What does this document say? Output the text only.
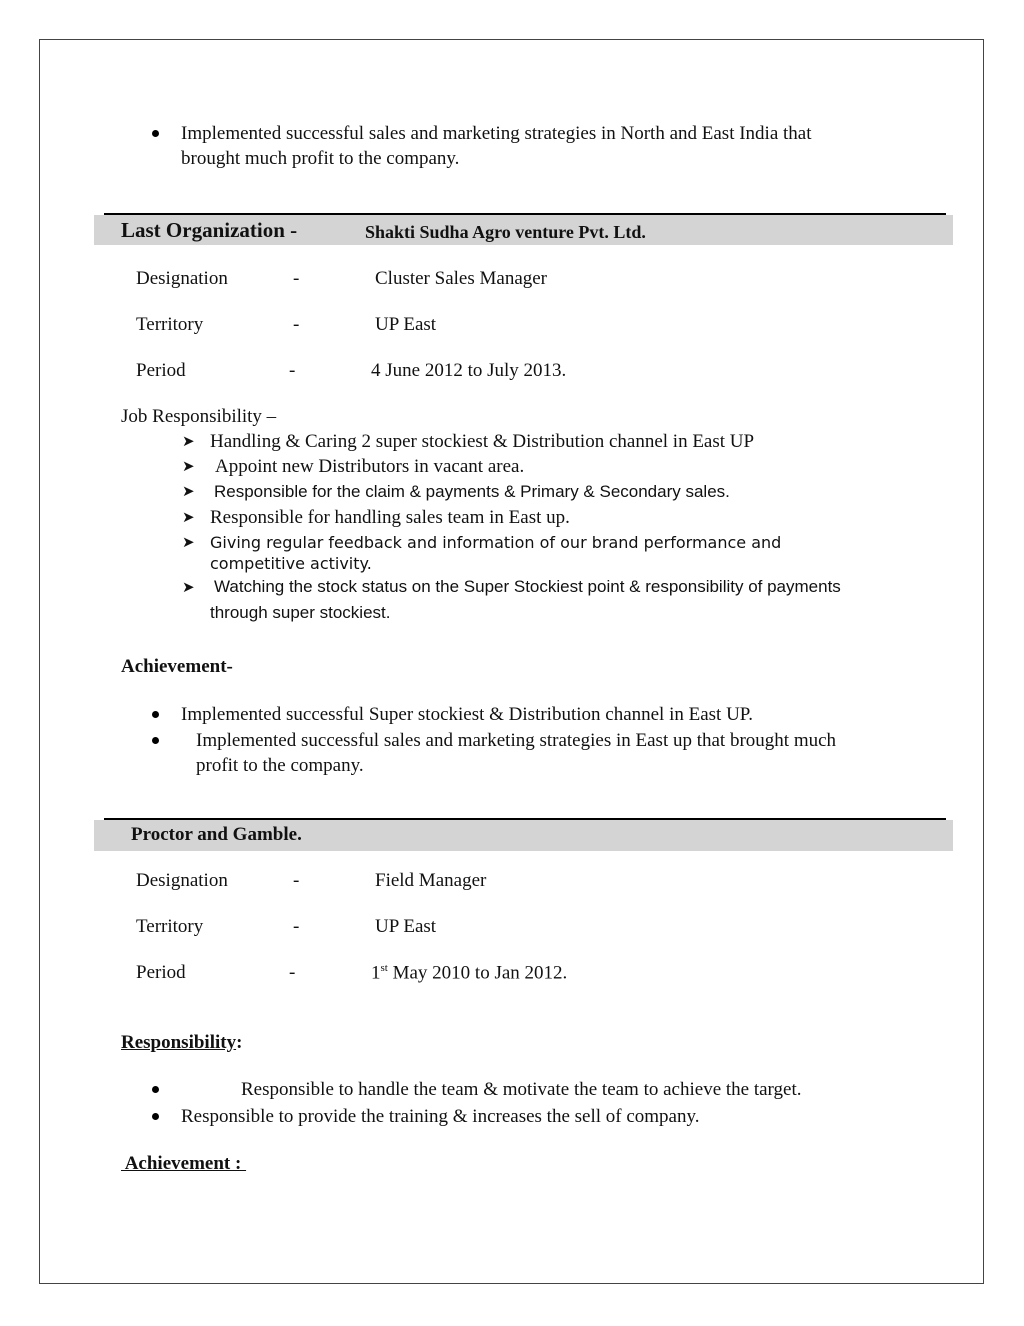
Implemented successful sales and marketing strategies in North and East India that
brought much profit to the company.
Last Organization -	Shakti Sudha Agro venture Pvt. Ltd.
Designation	-	Cluster Sales Manager
Territory	-	UP East
Period	-	4 June 2012 to July 2013.
Job Responsibility –
➤ Handling & Caring 2 super stockiest & Distribution channel in East UP
➤ Appoint new Distributors in vacant area.
➤ Responsible for the claim & payments & Primary & Secondary sales.
➤ Responsible for handling sales team in East up.
➤ Giving regular feedback and information of our brand performance and
competitive activity.
➤ Watching the stock status on the Super Stockiest point & responsibility of payments
through super stockiest.
Achievement-
Implemented successful Super stockiest & Distribution channel in East UP.
Implemented successful sales and marketing strategies in East up that brought much
profit to the company.
Proctor and Gamble.
Designation	-	Field Manager
Territory	-	UP East
Period	-	1st May 2010 to Jan 2012.
Responsibility:
Responsible to handle the team & motivate the team to achieve the target.
Responsible to provide the training & increases the sell of company.
Achievement :
